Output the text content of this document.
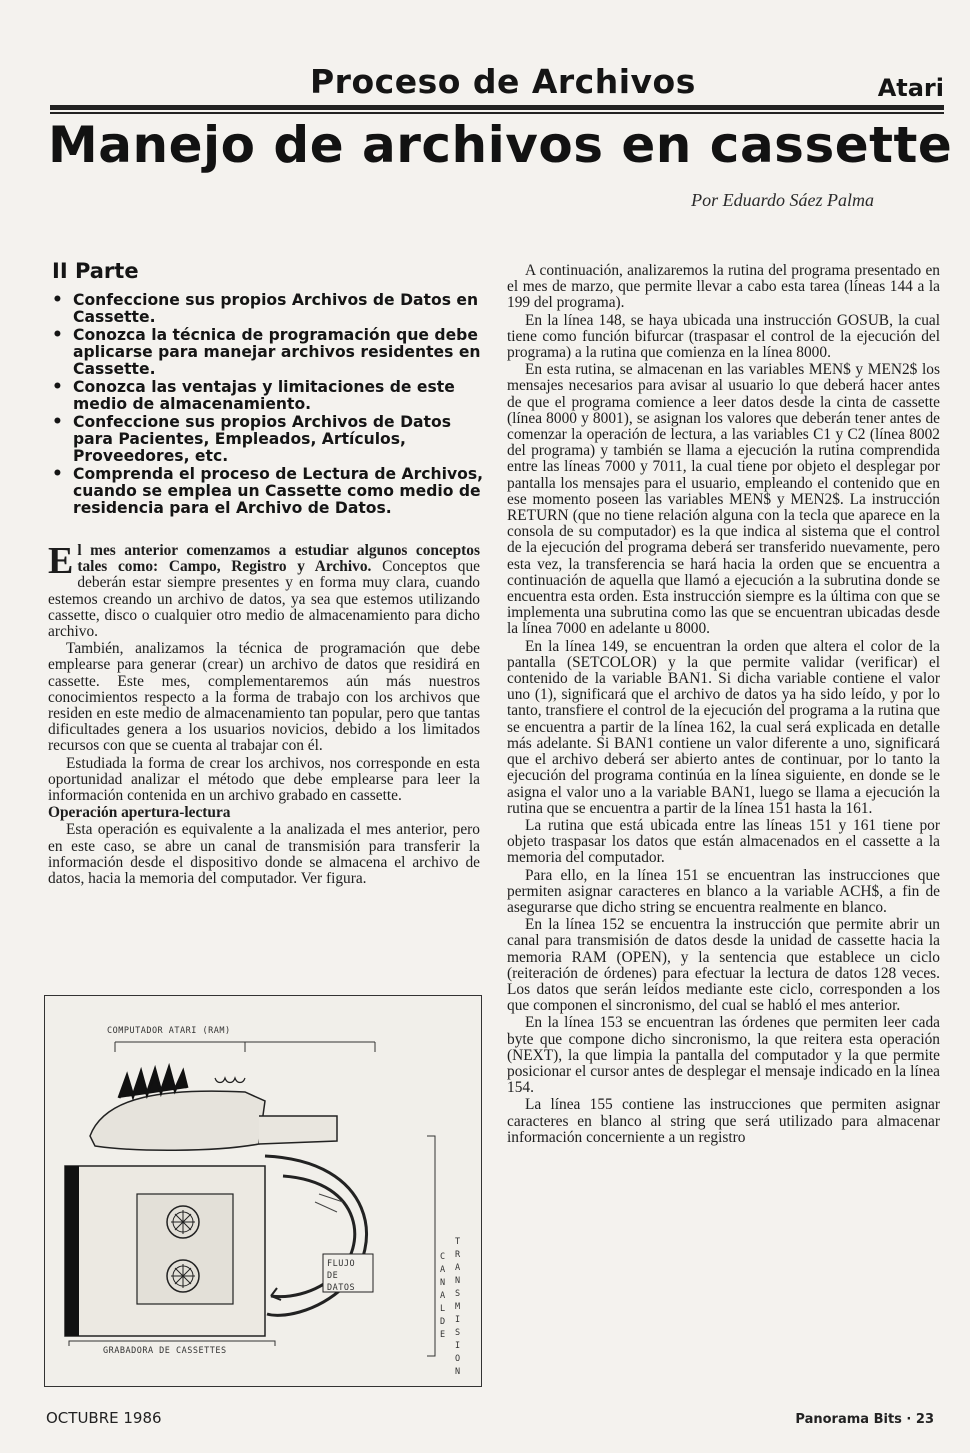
Proceso de Archivos	Atari
Manejo de archivos en cassette
Por Eduardo Sáez Palma
II Parte
• Confeccione sus propios Archivos de Datos en Cassette.
• Conozca la técnica de programación que debe aplicarse para manejar archivos residentes en Cassette.
• Conozca las ventajas y limitaciones de este medio de almacenamiento.
• Confeccione sus propios Archivos de Datos para Pacientes, Empleados, Artículos, Proveedores, etc.
• Comprenda el proceso de Lectura de Archivos, cuando se emplea un Cassette como medio de residencia para el Archivo de Datos.

El mes anterior comenzamos a estudiar algunos conceptos tales como: Campo, Registro y Archivo. Conceptos que deberán estar siempre presentes y en forma muy clara, cuando estemos creando un archivo de datos, ya sea que estemos utilizando cassette, disco o cualquier otro medio de almacenamiento para dicho archivo.

También, analizamos la técnica de programación que debe emplearse para generar (crear) un archivo de datos que residirá en cassette. Este mes, complementaremos aún más nuestros conocimientos respecto a la forma de trabajo con los archivos que residen en este medio de almacenamiento tan popular, pero que tantas dificultades genera a los usuarios novicios, debido a los limitados recursos con que se cuenta al trabajar con él.

Estudiada la forma de crear los archivos, nos corresponde en esta oportunidad analizar el método que debe emplearse para leer la información contenida en un archivo grabado en cassette.

Operación apertura-lectura

Esta operación es equivalente a la analizada el mes anterior, pero en este caso, se abre un canal de transmisión para transferir la información desde el dispositivo donde se almacena el archivo de datos, hacia la memoria del computador. Ver figura.

A continuación, analizaremos la rutina del programa presentado en el mes de marzo, que permite llevar a cabo esta tarea (líneas 144 a la 199 del programa).

En la línea 148, se haya ubicada una instrucción GOSUB, la cual tiene como función bifurcar (traspasar el control de la ejecución del programa) a la rutina que comienza en la línea 8000.

En esta rutina, se almacenan en las variables MEN$ y MEN2$ los mensajes necesarios para avisar al usuario lo que deberá hacer antes de que el programa comience a leer datos desde la cinta de cassette (línea 8000 y 8001), se asignan los valores que deberán tener antes de comenzar la operación de lectura, a las variables C1 y C2 (línea 8002 del programa) y también se llama a ejecución la rutina comprendida entre las líneas 7000 y 7011, la cual tiene por objeto el desplegar por pantalla los mensajes para el usuario, empleando el contenido que en ese momento poseen las variables MEN$ y MEN2$. La instrucción RETURN (que no tiene relación alguna con la tecla que aparece en la consola de su computador) es la que indica al sistema que el control de la ejecución del programa deberá ser transferido nuevamente, pero esta vez, la transferencia se hará hacia la orden que se encuentra a continuación de aquella que llamó a ejecución a la subrutina donde se encuentra esta orden. Esta instrucción siempre es la última con que se implementa una subrutina como las que se encuentran ubicadas desde la línea 7000 en adelante u 8000.

En la línea 149, se encuentran la orden que altera el color de la pantalla (SETCOLOR) y la que permite validar (verificar) el contenido de la variable BAN1. Si dicha variable contiene el valor uno (1), significará que el archivo de datos ya ha sido leído, y por lo tanto, transfiere el control de la ejecución del programa a la rutina que se encuentra a partir de la línea 162, la cual será explicada en detalle más adelante. Si BAN1 contiene un valor diferente a uno, significará que el archivo deberá ser abierto antes de continuar, por lo tanto la ejecución del programa continúa en la línea siguiente, en donde se le asigna el valor uno a la variable BAN1, luego se llama a ejecución la rutina que se encuentra a partir de la línea 151 hasta la 161.

La rutina que está ubicada entre las líneas 151 y 161 tiene por objeto traspasar los datos que están almacenados en el cassette a la memoria del computador.

Para ello, en la línea 151 se encuentran las instrucciones que permiten asignar caracteres en blanco a la variable ACH$, a fin de asegurarse que dicho string se encuentra realmente en blanco.

En la línea 152 se encuentra la instrucción que permite abrir un canal para transmisión de datos desde la unidad de cassette hacia la memoria RAM (OPEN), y la sentencia que establece un ciclo (reiteración de órdenes) para efectuar la lectura de datos 128 veces. Los datos que serán leídos mediante este ciclo, corresponden a los que componen el sincronismo, del cual se habló el mes anterior.

En la línea 153 se encuentran las órdenes que permiten leer cada byte que compone dicho sincronismo, la que reitera esta operación (NEXT), la que limpia la pantalla del computador y la que permite posicionar el cursor antes de desplegar el mensaje indicado en la línea 154.

La línea 155 contiene las instrucciones que permiten asignar caracteres en blanco al string que será utilizado para almacenar información concerniente a un registro

COMPUTADOR ATARI (RAM)
FLUJO DE DATOS
CANAL DE
TRANSMISION
GRABADORA DE CASSETTES
OCTUBRE 1986	Panorama Bits · 23
